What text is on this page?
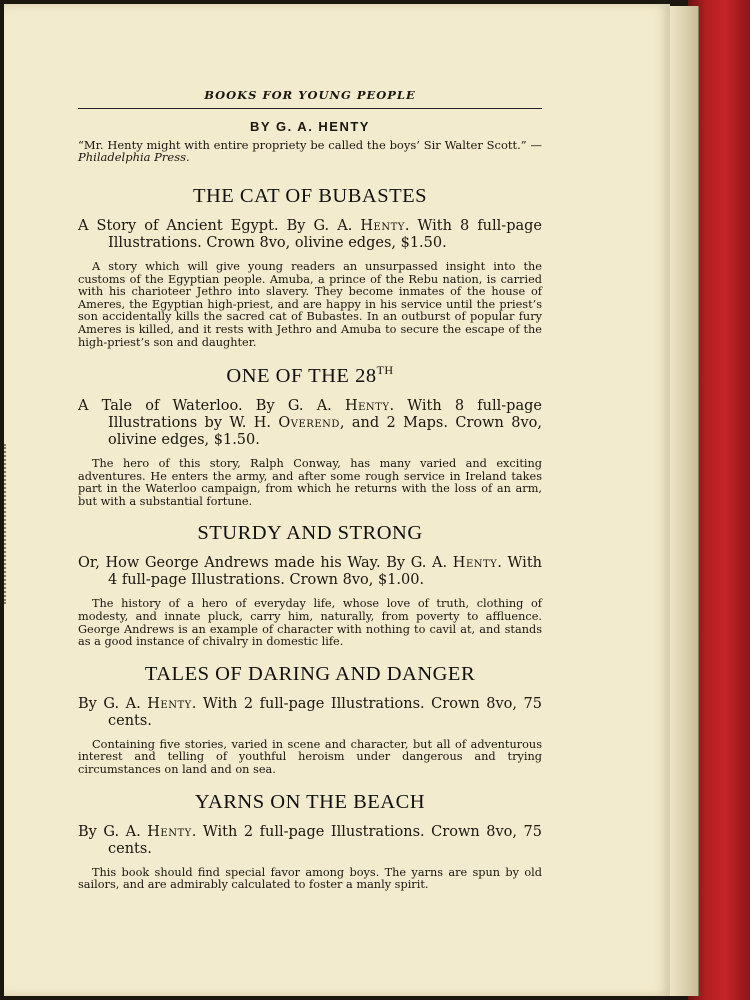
BOOKS FOR YOUNG PEOPLE
BY G. A. HENTY
“Mr. Henty might with entire propriety be called the boys’ Sir Walter Scott.” —Philadelphia Press.
THE CAT OF BUBASTES
A Story of Ancient Egypt. By G. A. Henty. With 8 full-page Illustrations. Crown 8vo, olivine edges, $1.50.
A story which will give young readers an unsurpassed insight into the customs of the Egyptian people. Amuba, a prince of the Rebu nation, is carried with his charioteer Jethro into slavery. They become inmates of the house of Ameres, the Egyptian high-priest, and are happy in his service until the priest’s son accidentally kills the sacred cat of Bubastes. In an outburst of popular fury Ameres is killed, and it rests with Jethro and Amuba to secure the escape of the high-priest’s son and daughter.
ONE OF THE 28TH
A Tale of Waterloo. By G. A. Henty. With 8 full-page Illustrations by W. H. Overend, and 2 Maps. Crown 8vo, olivine edges, $1.50.
The hero of this story, Ralph Conway, has many varied and exciting adventures. He enters the army, and after some rough service in Ireland takes part in the Waterloo campaign, from which he returns with the loss of an arm, but with a substantial fortune.
STURDY AND STRONG
Or, How George Andrews made his Way. By G. A. Henty. With 4 full-page Illustrations. Crown 8vo, $1.00.
The history of a hero of everyday life, whose love of truth, clothing of modesty, and innate pluck, carry him, naturally, from poverty to affluence. George Andrews is an example of character with nothing to cavil at, and stands as a good instance of chivalry in domestic life.
TALES OF DARING AND DANGER
By G. A. Henty. With 2 full-page Illustrations. Crown 8vo, 75 cents.
Containing five stories, varied in scene and character, but all of adventurous interest and telling of youthful heroism under dangerous and trying circumstances on land and on sea.
YARNS ON THE BEACH
By G. A. Henty. With 2 full-page Illustrations. Crown 8vo, 75 cents.
This book should find special favor among boys. The yarns are spun by old sailors, and are admirably calculated to foster a manly spirit.
